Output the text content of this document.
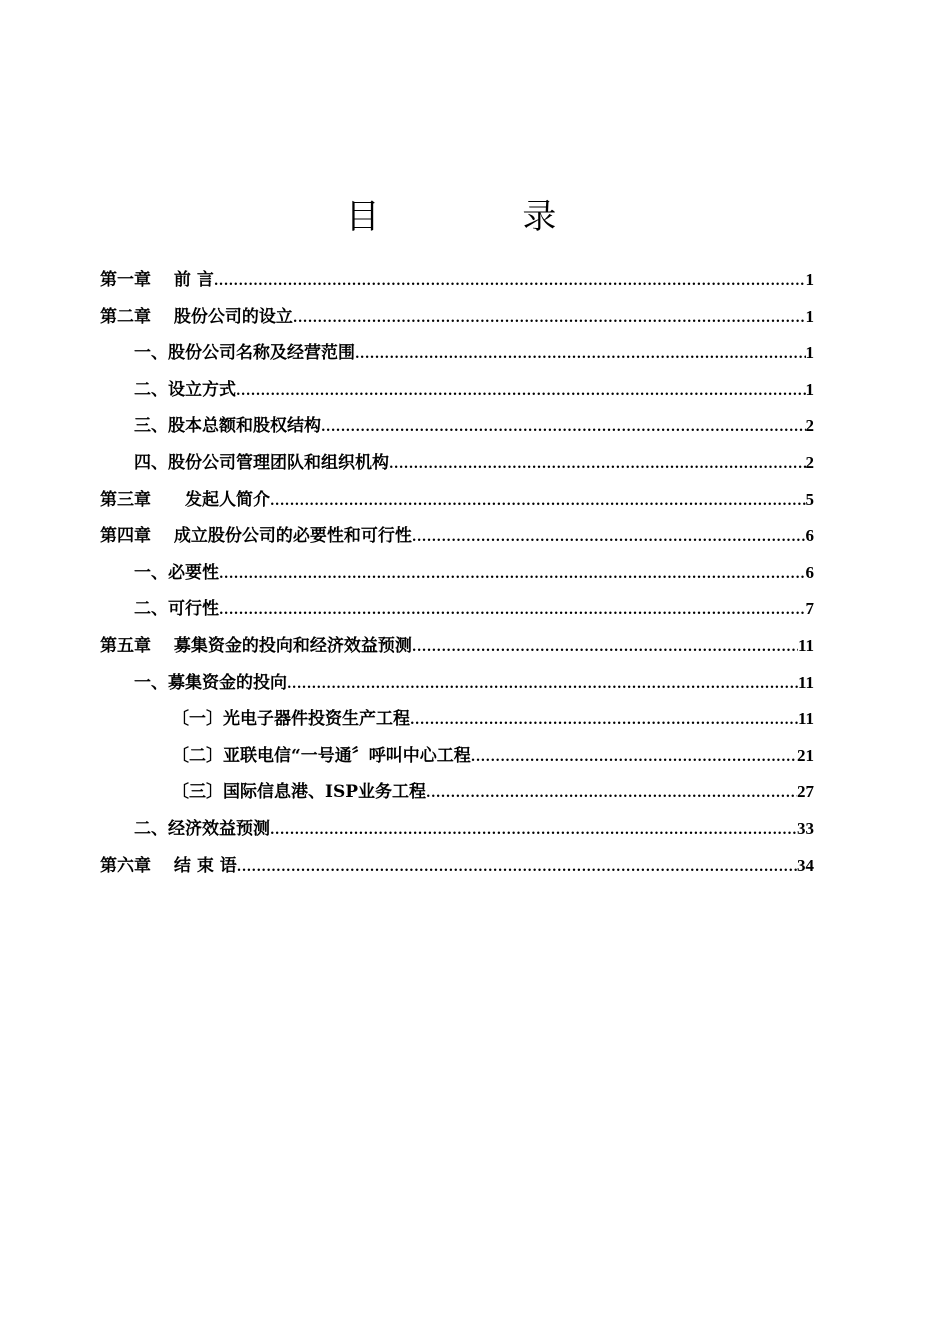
目 录
第一章　 前 言 .....	1
第二章　 股份公司的设立 .....	1
一、股份公司名称及经营范围 .....	1
二、设立方式 .....	1
三、股本总额和股权结构 .....	2
四、股份公司管理团队和组织机构 .....	2
第三章　　发起人简介 .....	5
第四章　 成立股份公司的必要性和可行性 .....	6
一、必要性 .....	6
二、可行性 .....	7
第五章　 募集资金的投向和经济效益预测 .....	11
一、募集资金的投向 .....	11
〔一〕光电子器件投资生产工程 .....	11
〔二〕亚联电信“一号通〞呼叫中心工程 .....	21
〔三〕国际信息港、ISP业务工程 .....	27
二、经济效益预测 .....	33
第六章　 结 束 语 .....	34
